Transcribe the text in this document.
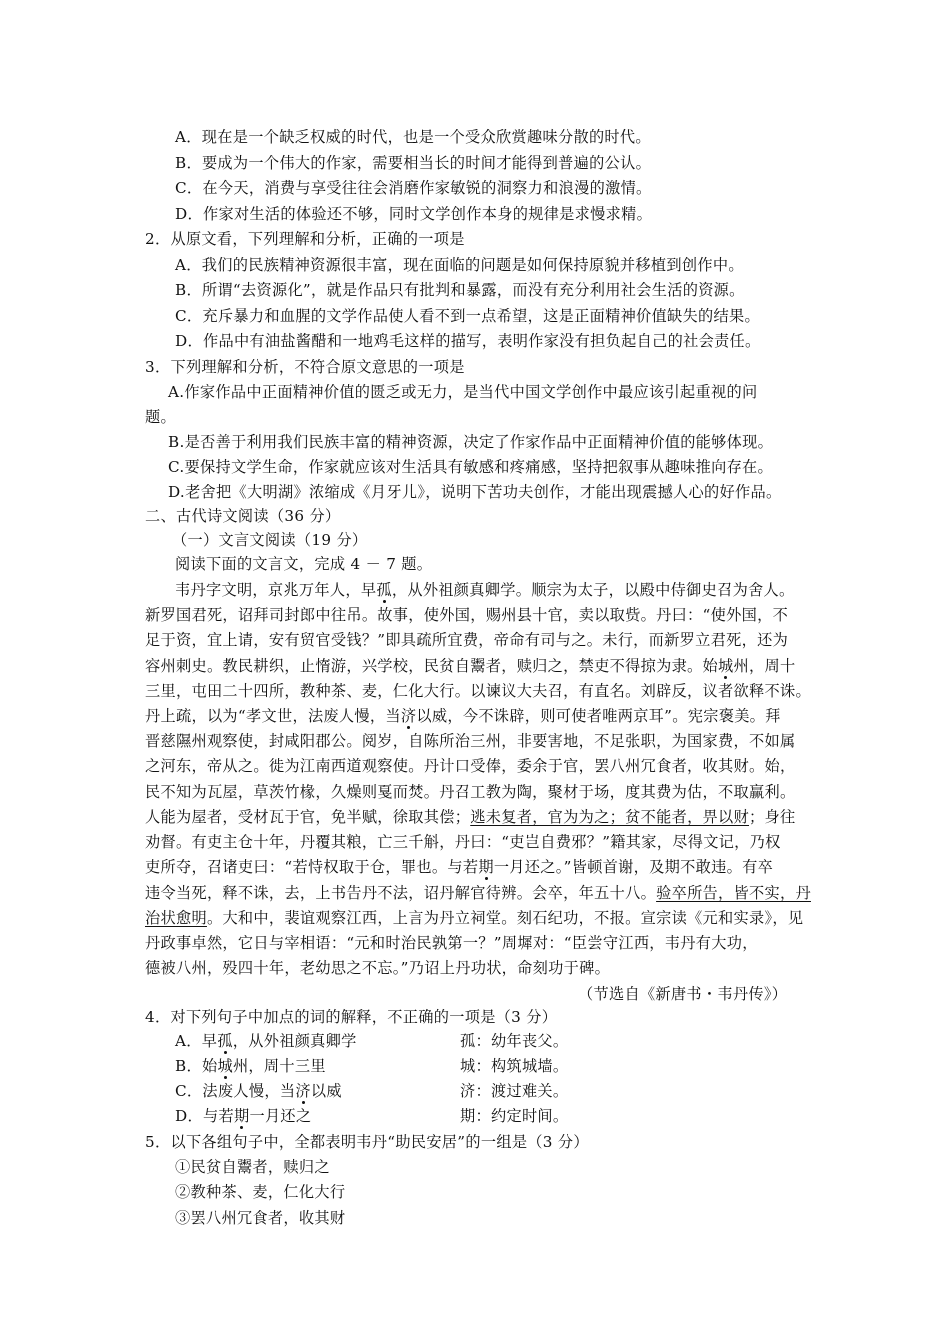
A．现在是一个缺乏权威的时代，也是一个受众欣赏趣味分散的时代。
B．要成为一个伟大的作家，需要相当长的时间才能得到普遍的公认。
C．在今天，消费与享受往往会消磨作家敏锐的洞察力和浪漫的激情。
D．作家对生活的体验还不够，同时文学创作本身的规律是求慢求精。
2．从原文看，下列理解和分析，正确的一项是
A．我们的民族精神资源很丰富，现在面临的问题是如何保持原貌并移植到创作中。
B．所谓“去资源化”，就是作品只有批判和暴露，而没有充分利用社会生活的资源。
C．充斥暴力和血腥的文学作品使人看不到一点希望，这是正面精神价值缺失的结果。
D．作品中有油盐酱醋和一地鸡毛这样的描写，表明作家没有担负起自己的社会责任。
3．下列理解和分析，不符合原文意思的一项是
A.作家作品中正面精神价值的匮乏或无力，是当代中国文学创作中最应该引起重视的问
题。
B.是否善于利用我们民族丰富的精神资源，决定了作家作品中正面精神价值的能够体现。
C.要保持文学生命，作家就应该对生活具有敏感和疼痛感，坚持把叙事从趣味推向存在。
D.老舍把《大明湖》浓缩成《月牙儿》，说明下苦功夫创作，才能出现震撼人心的好作品。
二、古代诗文阅读（36 分）
（一）文言文阅读（19 分）
阅读下面的文言文，完成 4 － 7 题。
韦丹字文明，京兆万年人，早孤，从外祖颜真卿学。顺宗为太子，以殿中侍御史召为舍人。
新罗国君死，诏拜司封郎中往吊。故事，使外国，赐州县十官，卖以取赀。丹曰：“使外国，不
足于资，宜上请，安有贸官受钱？”即具疏所宜费，帝命有司与之。未行，而新罗立君死，还为
容州刺史。教民耕织，止惰游，兴学校，民贫自鬻者，赎归之，禁吏不得掠为隶。始城州，周十
三里，屯田二十四所，教种茶、麦，仁化大行。以谏议大夫召，有直名。刘辟反，议者欲释不诛。
丹上疏，以为“孝文世，法废人慢，当济以威，今不诛辟，则可使者唯两京耳”。宪宗褒美。拜
晋慈隰州观察使，封咸阳郡公。阅岁，自陈所治三州，非要害地，不足张职，为国家费，不如属
之河东，帝从之。徙为江南西道观察使。丹计口受俸，委余于官，罢八州冗食者，收其财。始，
民不知为瓦屋，草茨竹椽，久燥则戛而焚。丹召工教为陶，聚材于场，度其费为估，不取赢利。
人能为屋者，受材瓦于官，免半赋，徐取其偿；逃未复者，官为为之；贫不能者，畀以财；身往
劝督。有吏主仓十年，丹覆其粮，亡三千斛，丹曰：“吏岂自费邪？”籍其家，尽得文记，乃权
吏所夺，召诸吏曰：“若恃权取于仓，罪也。与若期一月还之。”皆顿首谢，及期不敢违。有卒
违令当死，释不诛，去，上书告丹不法，诏丹解官待辨。会卒，年五十八。验卒所告，皆不实，丹
治状愈明。大和中，裴谊观察江西，上言为丹立祠堂。刻石纪功，不报。宣宗读《元和实录》，见
丹政事卓然，它日与宰相语：“元和时治民孰第一？”周墀对：“臣尝守江西，韦丹有大功，
德被八州，殁四十年，老幼思之不忘。”乃诏上丹功状，命刻功于碑。
（节选自《新唐书・韦丹传》）
4．对下列句子中加点的词的解释，不正确的一项是（3 分）
A．早孤，从外祖颜真卿学	孤：幼年丧父。
B．始城州，周十三里	城：构筑城墙。
C．法废人慢，当济以威	济：渡过难关。
D．与若期一月还之	期：约定时间。
5．以下各组句子中，全都表明韦丹“助民安居”的一组是（3 分）
①民贫自鬻者，赎归之
②教种茶、麦，仁化大行
③罢八州冗食者，收其财
